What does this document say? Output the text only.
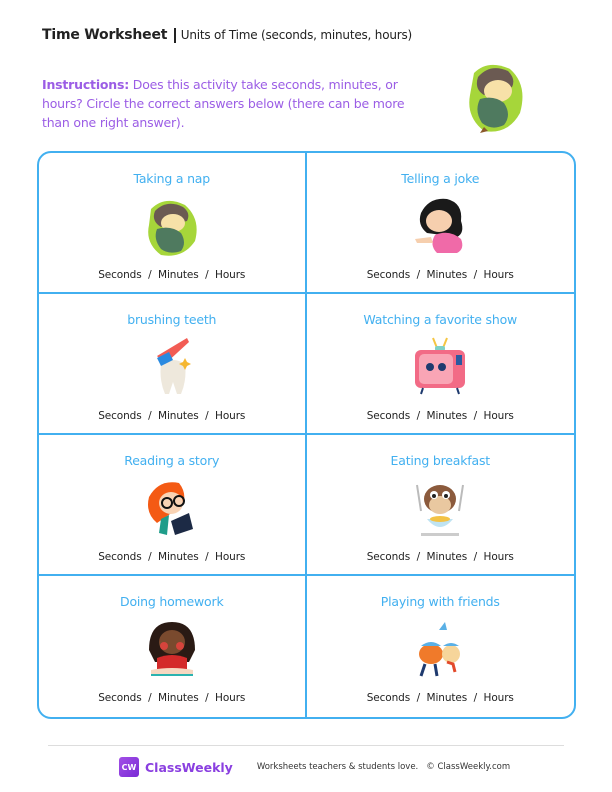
Time Worksheet Units of Time (seconds, minutes, hours)
Instructions: Does this activity take seconds, minutes, or hours? Circle the correct answers below (there can be more than one right answer).
Taking a nap
Seconds  /  Minutes  /  Hours
Telling a joke
Seconds  /  Minutes  /  Hours
brushing teeth
Seconds  /  Minutes  /  Hours
Watching a favorite show
Seconds  /  Minutes  /  Hours
Reading a story
Seconds  /  Minutes  /  Hours
Eating breakfast
Seconds  /  Minutes  /  Hours
Doing homework
Seconds  /  Minutes  /  Hours
Playing with friends
Seconds  /  Minutes  /  Hours
CW ClassWeekly	Worksheets teachers & students love. © ClassWeekly.com
